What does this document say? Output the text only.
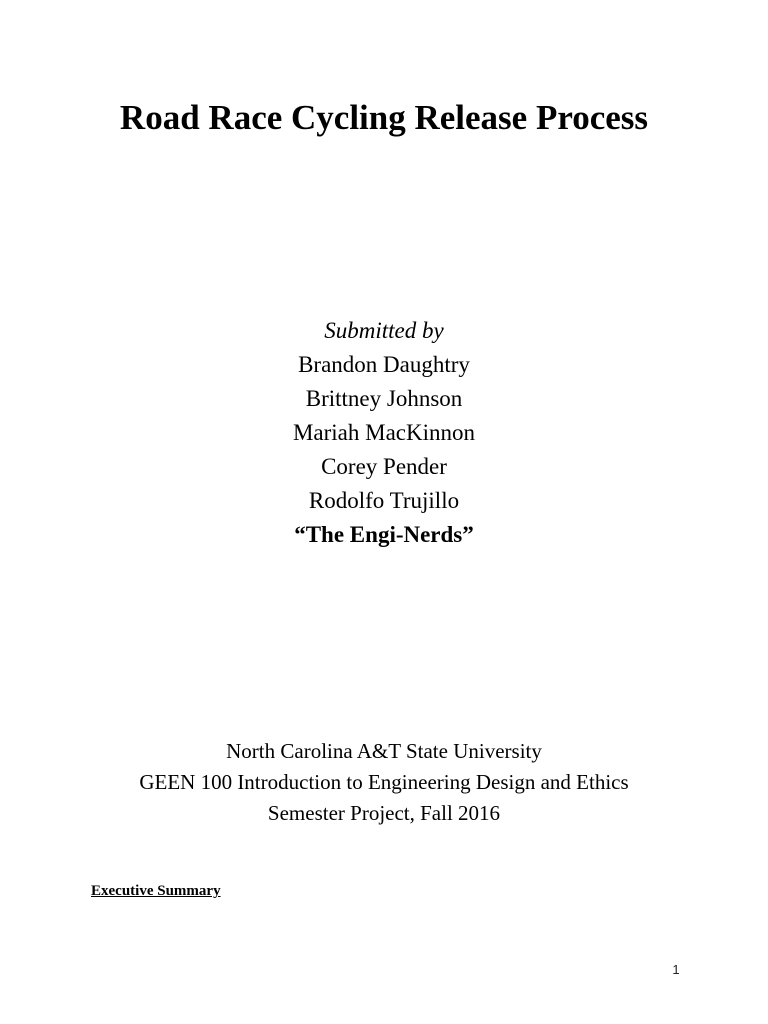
Road Race Cycling Release Process
Submitted by
Brandon Daughtry
Brittney Johnson
Mariah MacKinnon
Corey Pender
Rodolfo Trujillo
“The Engi-Nerds”
North Carolina A&T State University
GEEN 100 Introduction to Engineering Design and Ethics
Semester Project, Fall 2016
Executive Summary
1
